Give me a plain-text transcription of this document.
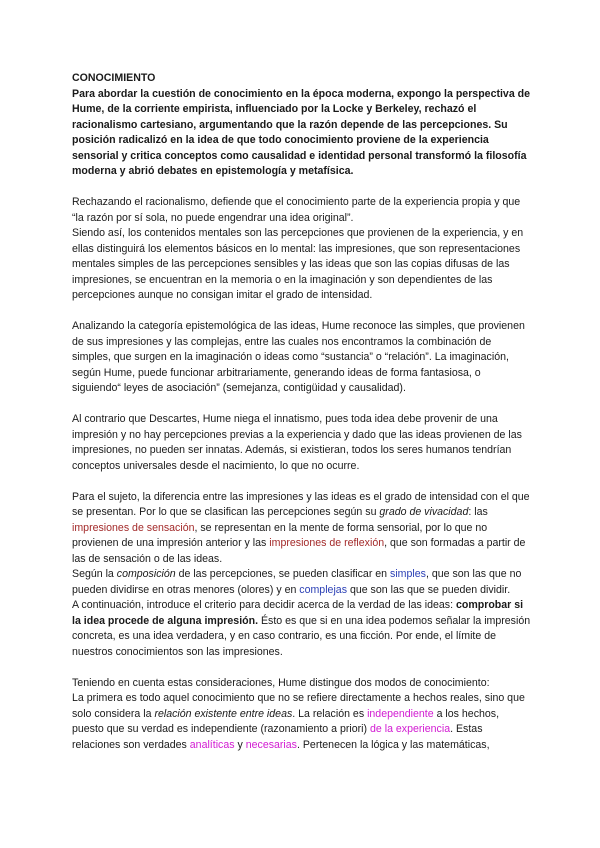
CONOCIMIENTO

Para abordar la cuestión de conocimiento en la época moderna, expongo la perspectiva de Hume, de la corriente empirista, influenciado por la Locke y Berkeley, rechazó el racionalismo cartesiano, argumentando que la razón depende de las percepciones. Su posición radicalizó en la idea de que todo conocimiento proviene de la experiencia sensorial y critica conceptos como causalidad e identidad personal transformó la filosofía moderna y abrió debates en epistemología y metafísica.

Rechazando el racionalismo, defiende que el conocimiento parte de la experiencia propia y que “la razón por sí sola, no puede engendrar una idea original”.

Siendo así, los contenidos mentales son las percepciones que provienen de la experiencia, y en ellas distinguirá los elementos básicos en lo mental: las impresiones, que son representaciones mentales simples de las percepciones sensibles y las ideas que son las copias difusas de las impresiones, se encuentran en la memoria o en la imaginación y son dependientes de las percepciones aunque no consigan imitar el grado de intensidad.

Analizando la categoría epistemológica de las ideas, Hume reconoce las simples, que provienen de sus impresiones y las complejas, entre las cuales nos encontramos la combinación de simples, que surgen en la imaginación o ideas como “sustancia” o “relación”. La imaginación, según Hume, puede funcionar arbitrariamente, generando ideas de forma fantasiosa, o siguiendo“ leyes de asociación” (semejanza, contigüidad y causalidad).

Al contrario que Descartes, Hume niega el innatismo, pues toda idea debe provenir de una impresión y no hay percepciones previas a la experiencia y dado que las ideas provienen de las impresiones, no pueden ser innatas. Además, si existieran, todos los seres humanos tendrían conceptos universales desde el nacimiento, lo que no ocurre.

Para el sujeto, la diferencia entre las impresiones y las ideas es el grado de intensidad con el que se presentan. Por lo que se clasifican las percepciones según su grado de vivacidad: las impresiones de sensación, se representan en la mente de forma sensorial, por lo que no provienen de una impresión anterior y las impresiones de reflexión, que son formadas a partir de las de sensación o de las ideas.

Según la composición de las percepciones, se pueden clasificar en simples, que son las que no pueden dividirse en otras menores (olores) y en complejas que son las que se pueden dividir.

A continuación, introduce el criterio para decidir acerca de la verdad de las ideas: comprobar si la idea procede de alguna impresión. Ésto es que si en una idea podemos señalar la impresión concreta, es una idea verdadera, y en caso contrario, es una ficción. Por ende, el límite de nuestros conocimientos son las impresiones.

Teniendo en cuenta estas consideraciones, Hume distingue dos modos de conocimiento:

La primera es todo aquel conocimiento que no se refiere directamente a hechos reales, sino que solo considera la relación existente entre ideas. La relación es independiente a los hechos, puesto que su verdad es independiente (razonamiento a priori) de la experiencia. Estas relaciones son verdades analíticas y necesarias. Pertenecen la lógica y las matemáticas,
